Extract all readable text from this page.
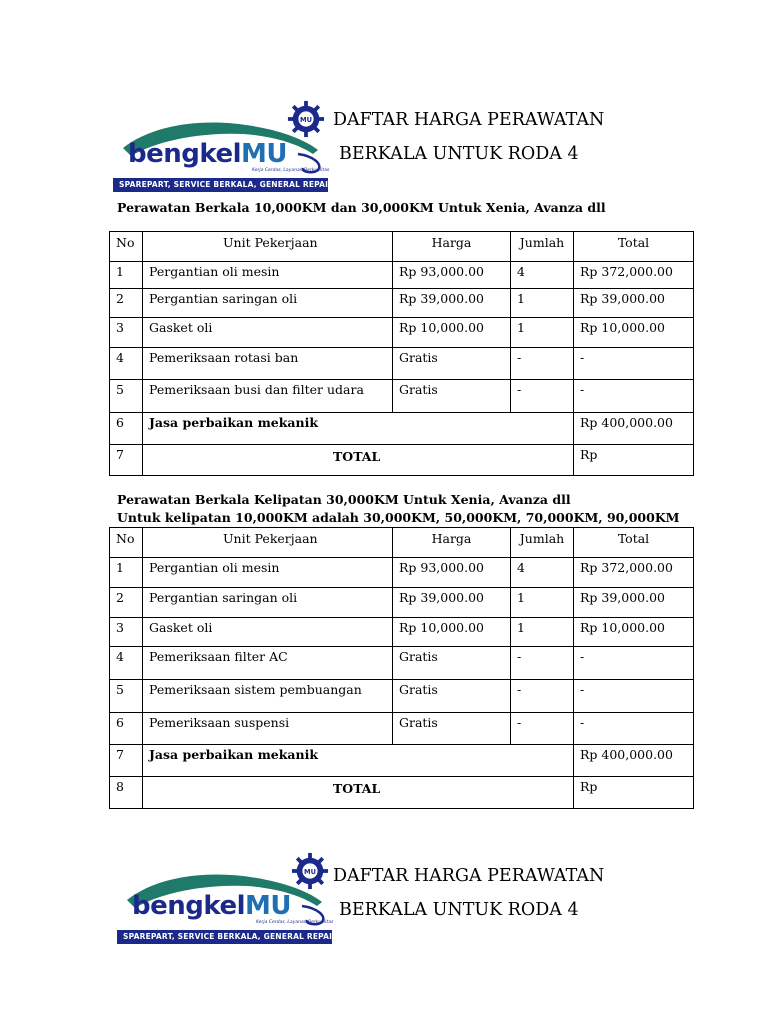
bengkelMU
Kerja Cerdas, Layanan Berkualitas
MU
SPAREPART, SERVICE BERKALA, GENERAL REPAIR, DLL
DAFTAR HARGA PERAWATAN
BERKALA UNTUK RODA 4
Perawatan Berkala 10,000KM dan 30,000KM Untuk Xenia, Avanza dll
No	Unit Pekerjaan	Harga	Jumlah	Total
1	Pergantian oli mesin	Rp 93,000.00	4	Rp 372,000.00
2	Pergantian saringan oli	Rp 39,000.00	1	Rp 39,000.00
3	Gasket oli	Rp 10,000.00	1	Rp 10,000.00
4	Pemeriksaan rotasi ban	Gratis	-	-
5	Pemeriksaan busi dan filter udara	Gratis	-	-
6	Jasa perbaikan mekanik			Rp 400,000.00
7	TOTAL			Rp
Perawatan Berkala Kelipatan 30,000KM Untuk Xenia, Avanza dll
Untuk kelipatan 10,000KM adalah 30,000KM, 50,000KM, 70,000KM, 90,000KM
No	Unit Pekerjaan	Harga	Jumlah	Total
1	Pergantian oli mesin	Rp 93,000.00	4	Rp 372,000.00
2	Pergantian saringan oli	Rp 39,000.00	1	Rp 39,000.00
3	Gasket oli	Rp 10,000.00	1	Rp 10,000.00
4	Pemeriksaan filter AC	Gratis	-	-
5	Pemeriksaan sistem pembuangan	Gratis	-	-
6	Pemeriksaan suspensi	Gratis	-	-
7	Jasa perbaikan mekanik			Rp 400,000.00
8	TOTAL			Rp
bengkelMU
Kerja Cerdas, Layanan Berkualitas
MU
SPAREPART, SERVICE BERKALA, GENERAL REPAIR, DLL
DAFTAR HARGA PERAWATAN
BERKALA UNTUK RODA 4
